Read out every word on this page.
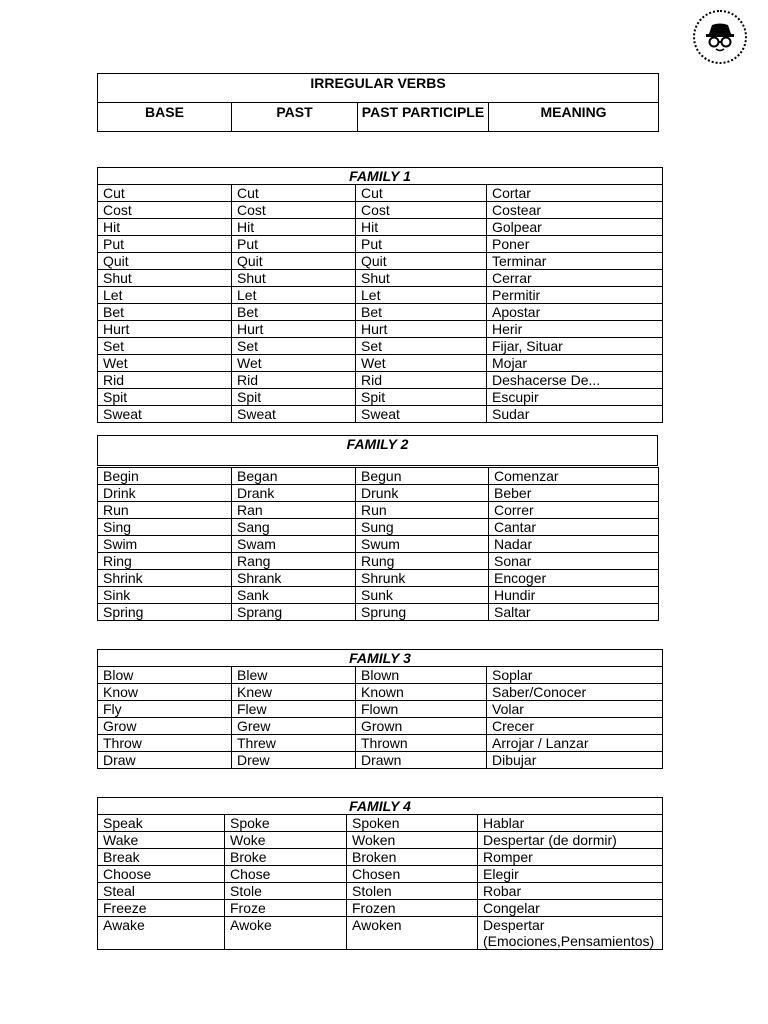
IRREGULAR VERBS
BASE	PAST	PAST PARTICIPLE	MEANING
FAMILY 1			
Cut	Cut	Cut	Cortar
Cost	Cost	Cost	Costear
Hit	Hit	Hit	Golpear
Put	Put	Put	Poner
Quit	Quit	Quit	Terminar
Shut	Shut	Shut	Cerrar
Let	Let	Let	Permitir
Bet	Bet	Bet	Apostar
Hurt	Hurt	Hurt	Herir
Set	Set	Set	Fijar, Situar
Wet	Wet	Wet	Mojar
Rid	Rid	Rid	Deshacerse De...
Spit	Spit	Spit	Escupir
Sweat	Sweat	Sweat	Sudar
FAMILY 2
Begin	Began	Begun	Comenzar
Drink	Drank	Drunk	Beber
Run	Ran	Run	Correr
Sing	Sang	Sung	Cantar
Swim	Swam	Swum	Nadar
Ring	Rang	Rung	Sonar
Shrink	Shrank	Shrunk	Encoger
Sink	Sank	Sunk	Hundir
Spring	Sprang	Sprung	Saltar
FAMILY 3			
Blow	Blew	Blown	Soplar
Know	Knew	Known	Saber/Conocer
Fly	Flew	Flown	Volar
Grow	Grew	Grown	Crecer
Throw	Threw	Thrown	Arrojar / Lanzar
Draw	Drew	Drawn	Dibujar
FAMILY 4			
Speak	Spoke	Spoken	Hablar
Wake	Woke	Woken	Despertar (de dormir)
Break	Broke	Broken	Romper
Choose	Chose	Chosen	Elegir
Steal	Stole	Stolen	Robar
Freeze	Froze	Frozen	Congelar
Awake	Awoke	Awoken	Despertar (Emociones,Pensamientos)
